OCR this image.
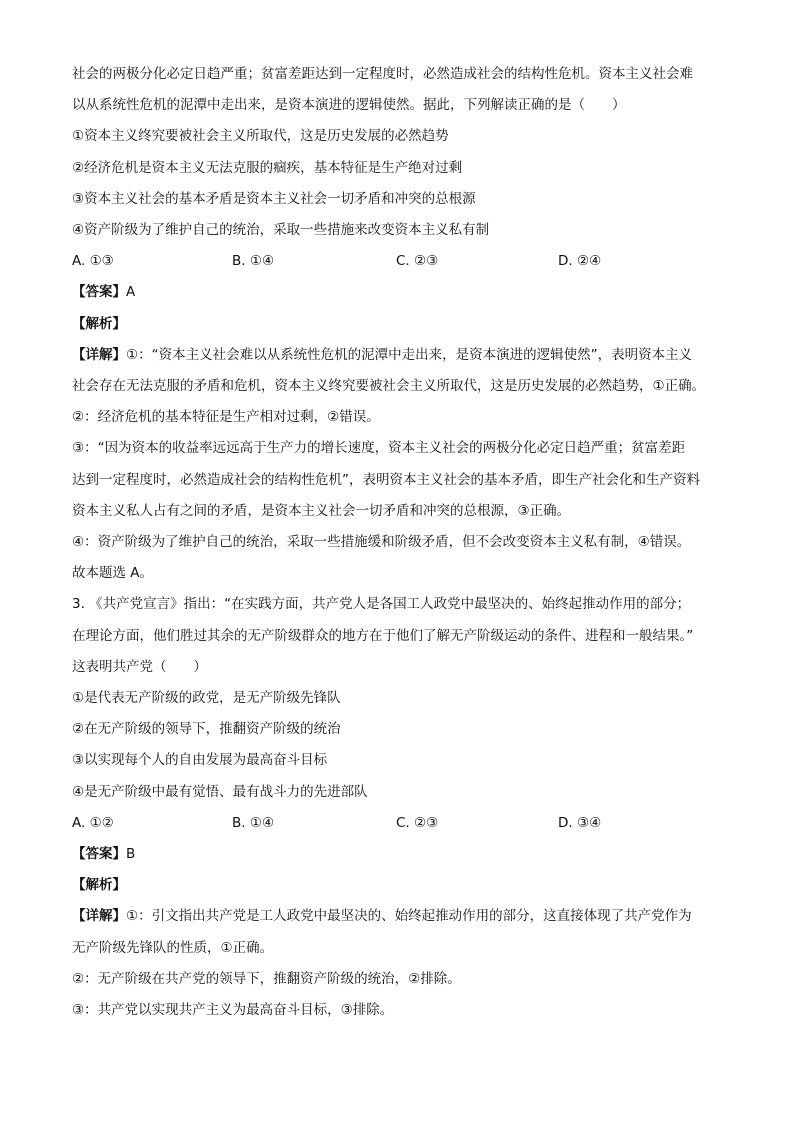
社会的两极分化必定日趋严重；贫富差距达到一定程度时，必然造成社会的结构性危机。资本主义社会难
以从系统性危机的泥潭中走出来，是资本演进的逻辑使然。据此，下列解读正确的是（　　）
①资本主义终究要被社会主义所取代，这是历史发展的必然趋势
②经济危机是资本主义无法克服的痼疾，基本特征是生产绝对过剩
③资本主义社会的基本矛盾是资本主义社会一切矛盾和冲突的总根源
④资产阶级为了维护自己的统治，采取一些措施来改变资本主义私有制
A. ①③	B. ①④	C. ②③	D. ②④
【答案】A
【解析】
【详解】①：“资本主义社会难以从系统性危机的泥潭中走出来，是资本演进的逻辑使然”，表明资本主义
社会存在无法克服的矛盾和危机，资本主义终究要被社会主义所取代，这是历史发展的必然趋势，①正确。
②：经济危机的基本特征是生产相对过剩，②错误。
③：“因为资本的收益率远远高于生产力的增长速度，资本主义社会的两极分化必定日趋严重；贫富差距
达到一定程度时，必然造成社会的结构性危机”，表明资本主义社会的基本矛盾，即生产社会化和生产资料
资本主义私人占有之间的矛盾，是资本主义社会一切矛盾和冲突的总根源，③正确。
④：资产阶级为了维护自己的统治，采取一些措施缓和阶级矛盾，但不会改变资本主义私有制，④错误。
故本题选 A。
3. 《共产党宣言》指出：“在实践方面，共产党人是各国工人政党中最坚决的、始终起推动作用的部分；
在理论方面，他们胜过其余的无产阶级群众的地方在于他们了解无产阶级运动的条件、进程和一般结果。”
这表明共产党（　　）
①是代表无产阶级的政党，是无产阶级先锋队
②在无产阶级的领导下，推翻资产阶级的统治
③以实现每个人的自由发展为最高奋斗目标
④是无产阶级中最有觉悟、最有战斗力的先进部队
A. ①②	B. ①④	C. ②③	D. ③④
【答案】B
【解析】
【详解】①：引文指出共产党是工人政党中最坚决的、始终起推动作用的部分，这直接体现了共产党作为
无产阶级先锋队的性质，①正确。
②：无产阶级在共产党的领导下，推翻资产阶级的统治，②排除。
③：共产党以实现共产主义为最高奋斗目标，③排除。
